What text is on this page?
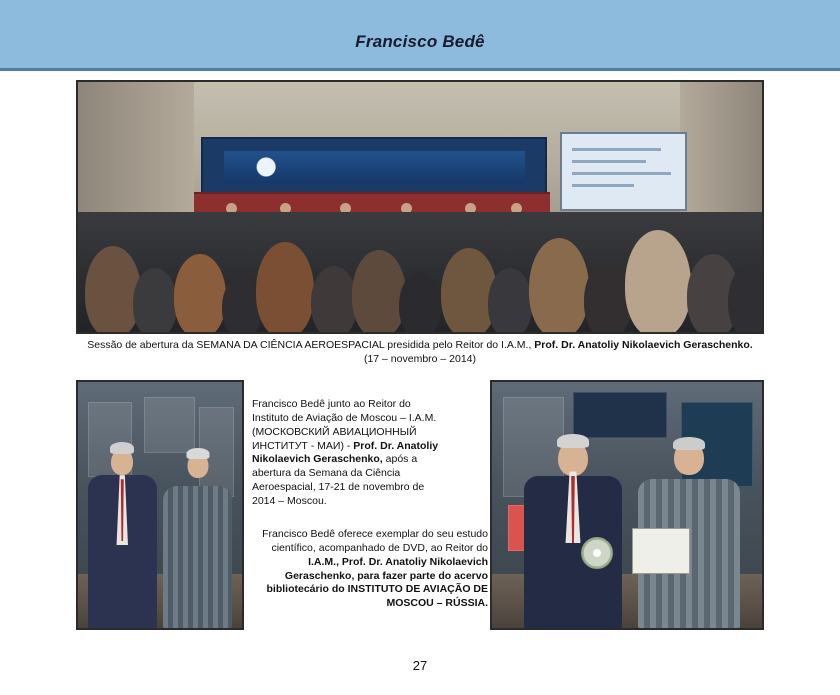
Francisco Bedê
Sessão de abertura da SEMANA DA CIÊNCIA AEROESPACIAL presidida pelo Reitor do I.A.M., Prof. Dr. Anatoliy Nikolaevich Geraschenko.
(17 – novembro – 2014)
Francisco Bedê junto ao Reitor do Instituto de Aviação de Moscou – I.A.M. (МОСКОВСКИЙ АВИАЦИОННЫЙ ИНСТИТУТ - МАИ) - Prof. Dr. Anatoliy Nikolaevich Geraschenko, após a abertura da Semana da Ciência Aeroespacial, 17-21 de novembro de 2014 – Moscou.
Francisco Bedê oferece exemplar do seu estudo científico, acompanhado de DVD, ao Reitor do I.A.M., Prof. Dr. Anatoliy Nikolaevich Geraschenko, para fazer parte do acervo bibliotecário do INSTITUTO DE AVIAÇÃO DE MOSCOU – RÚSSIA.
27
